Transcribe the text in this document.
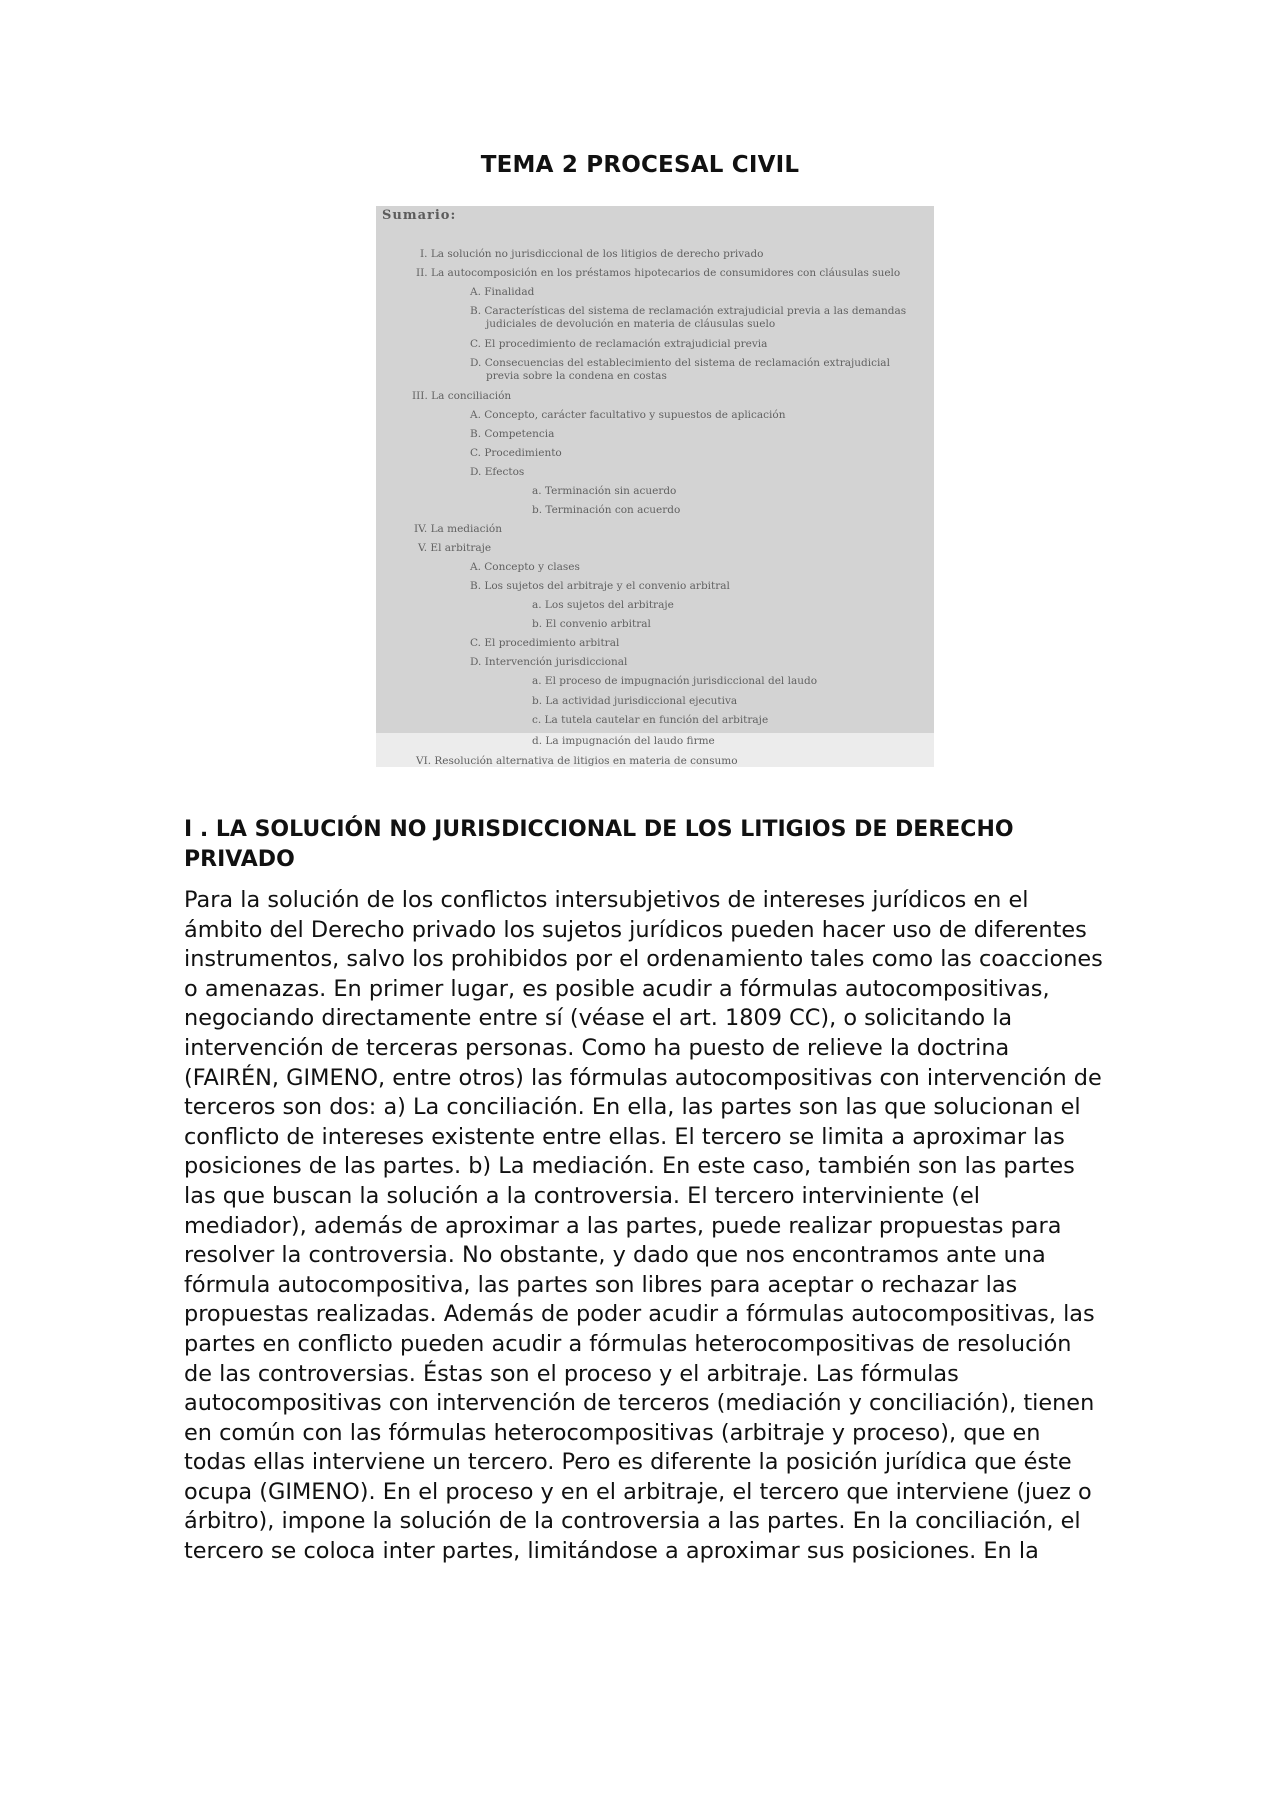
TEMA 2 PROCESAL CIVIL
Sumario:
I. La solución no jurisdiccional de los litigios de derecho privado
II. La autocomposición en los préstamos hipotecarios de consumidores con cláusulas suelo
A. Finalidad
B. Características del sistema de reclamación extrajudicial previa a las demandas
judiciales de devolución en materia de cláusulas suelo
C. El procedimiento de reclamación extrajudicial previa
D. Consecuencias del establecimiento del sistema de reclamación extrajudicial
previa sobre la condena en costas
III. La conciliación
A. Concepto, carácter facultativo y supuestos de aplicación
B. Competencia
C. Procedimiento
D. Efectos
a. Terminación sin acuerdo
b. Terminación con acuerdo
IV. La mediación
V. El arbitraje
A. Concepto y clases
B. Los sujetos del arbitraje y el convenio arbitral
a. Los sujetos del arbitraje
b. El convenio arbitral
C. El procedimiento arbitral
D. Intervención jurisdiccional
a. El proceso de impugnación jurisdiccional del laudo
b. La actividad jurisdiccional ejecutiva
c. La tutela cautelar en función del arbitraje
d. La impugnación del laudo firme
VI. Resolución alternativa de litigios en materia de consumo
I . LA SOLUCIÓN NO JURISDICCIONAL DE LOS LITIGIOS DE DERECHO PRIVADO

Para la solución de los conflictos intersubjetivos de intereses jurídicos en el ámbito del Derecho privado los sujetos jurídicos pueden hacer uso de diferentes instrumentos, salvo los prohibidos por el ordenamiento tales como las coacciones o amenazas. En primer lugar, es posible acudir a fórmulas autocompositivas, negociando directamente entre sí (véase el art. 1809 CC), o solicitando la intervención de terceras personas. Como ha puesto de relieve la doctrina (FAIRÉN, GIMENO, entre otros) las fórmulas autocompositivas con intervención de terceros son dos: a) La conciliación. En ella, las partes son las que solucionan el conflicto de intereses existente entre ellas. El tercero se limita a aproximar las posiciones de las partes. b) La mediación. En este caso, también son las partes las que buscan la solución a la controversia. El tercero interviniente (el mediador), además de aproximar a las partes, puede realizar propuestas para resolver la controversia. No obstante, y dado que nos encontramos ante una fórmula autocompositiva, las partes son libres para aceptar o rechazar las propuestas realizadas. Además de poder acudir a fórmulas autocompositivas, las partes en conflicto pueden acudir a fórmulas heterocompositivas de resolución de las controversias. Éstas son el proceso y el arbitraje. Las fórmulas autocompositivas con intervención de terceros (mediación y conciliación), tienen en común con las fórmulas heterocompositivas (arbitraje y proceso), que en todas ellas interviene un tercero. Pero es diferente la posición jurídica que éste ocupa (GIMENO). En el proceso y en el arbitraje, el tercero que interviene (juez o árbitro), impone la solución de la controversia a las partes. En la conciliación, el tercero se coloca inter partes, limitándose a aproximar sus posiciones. En la
